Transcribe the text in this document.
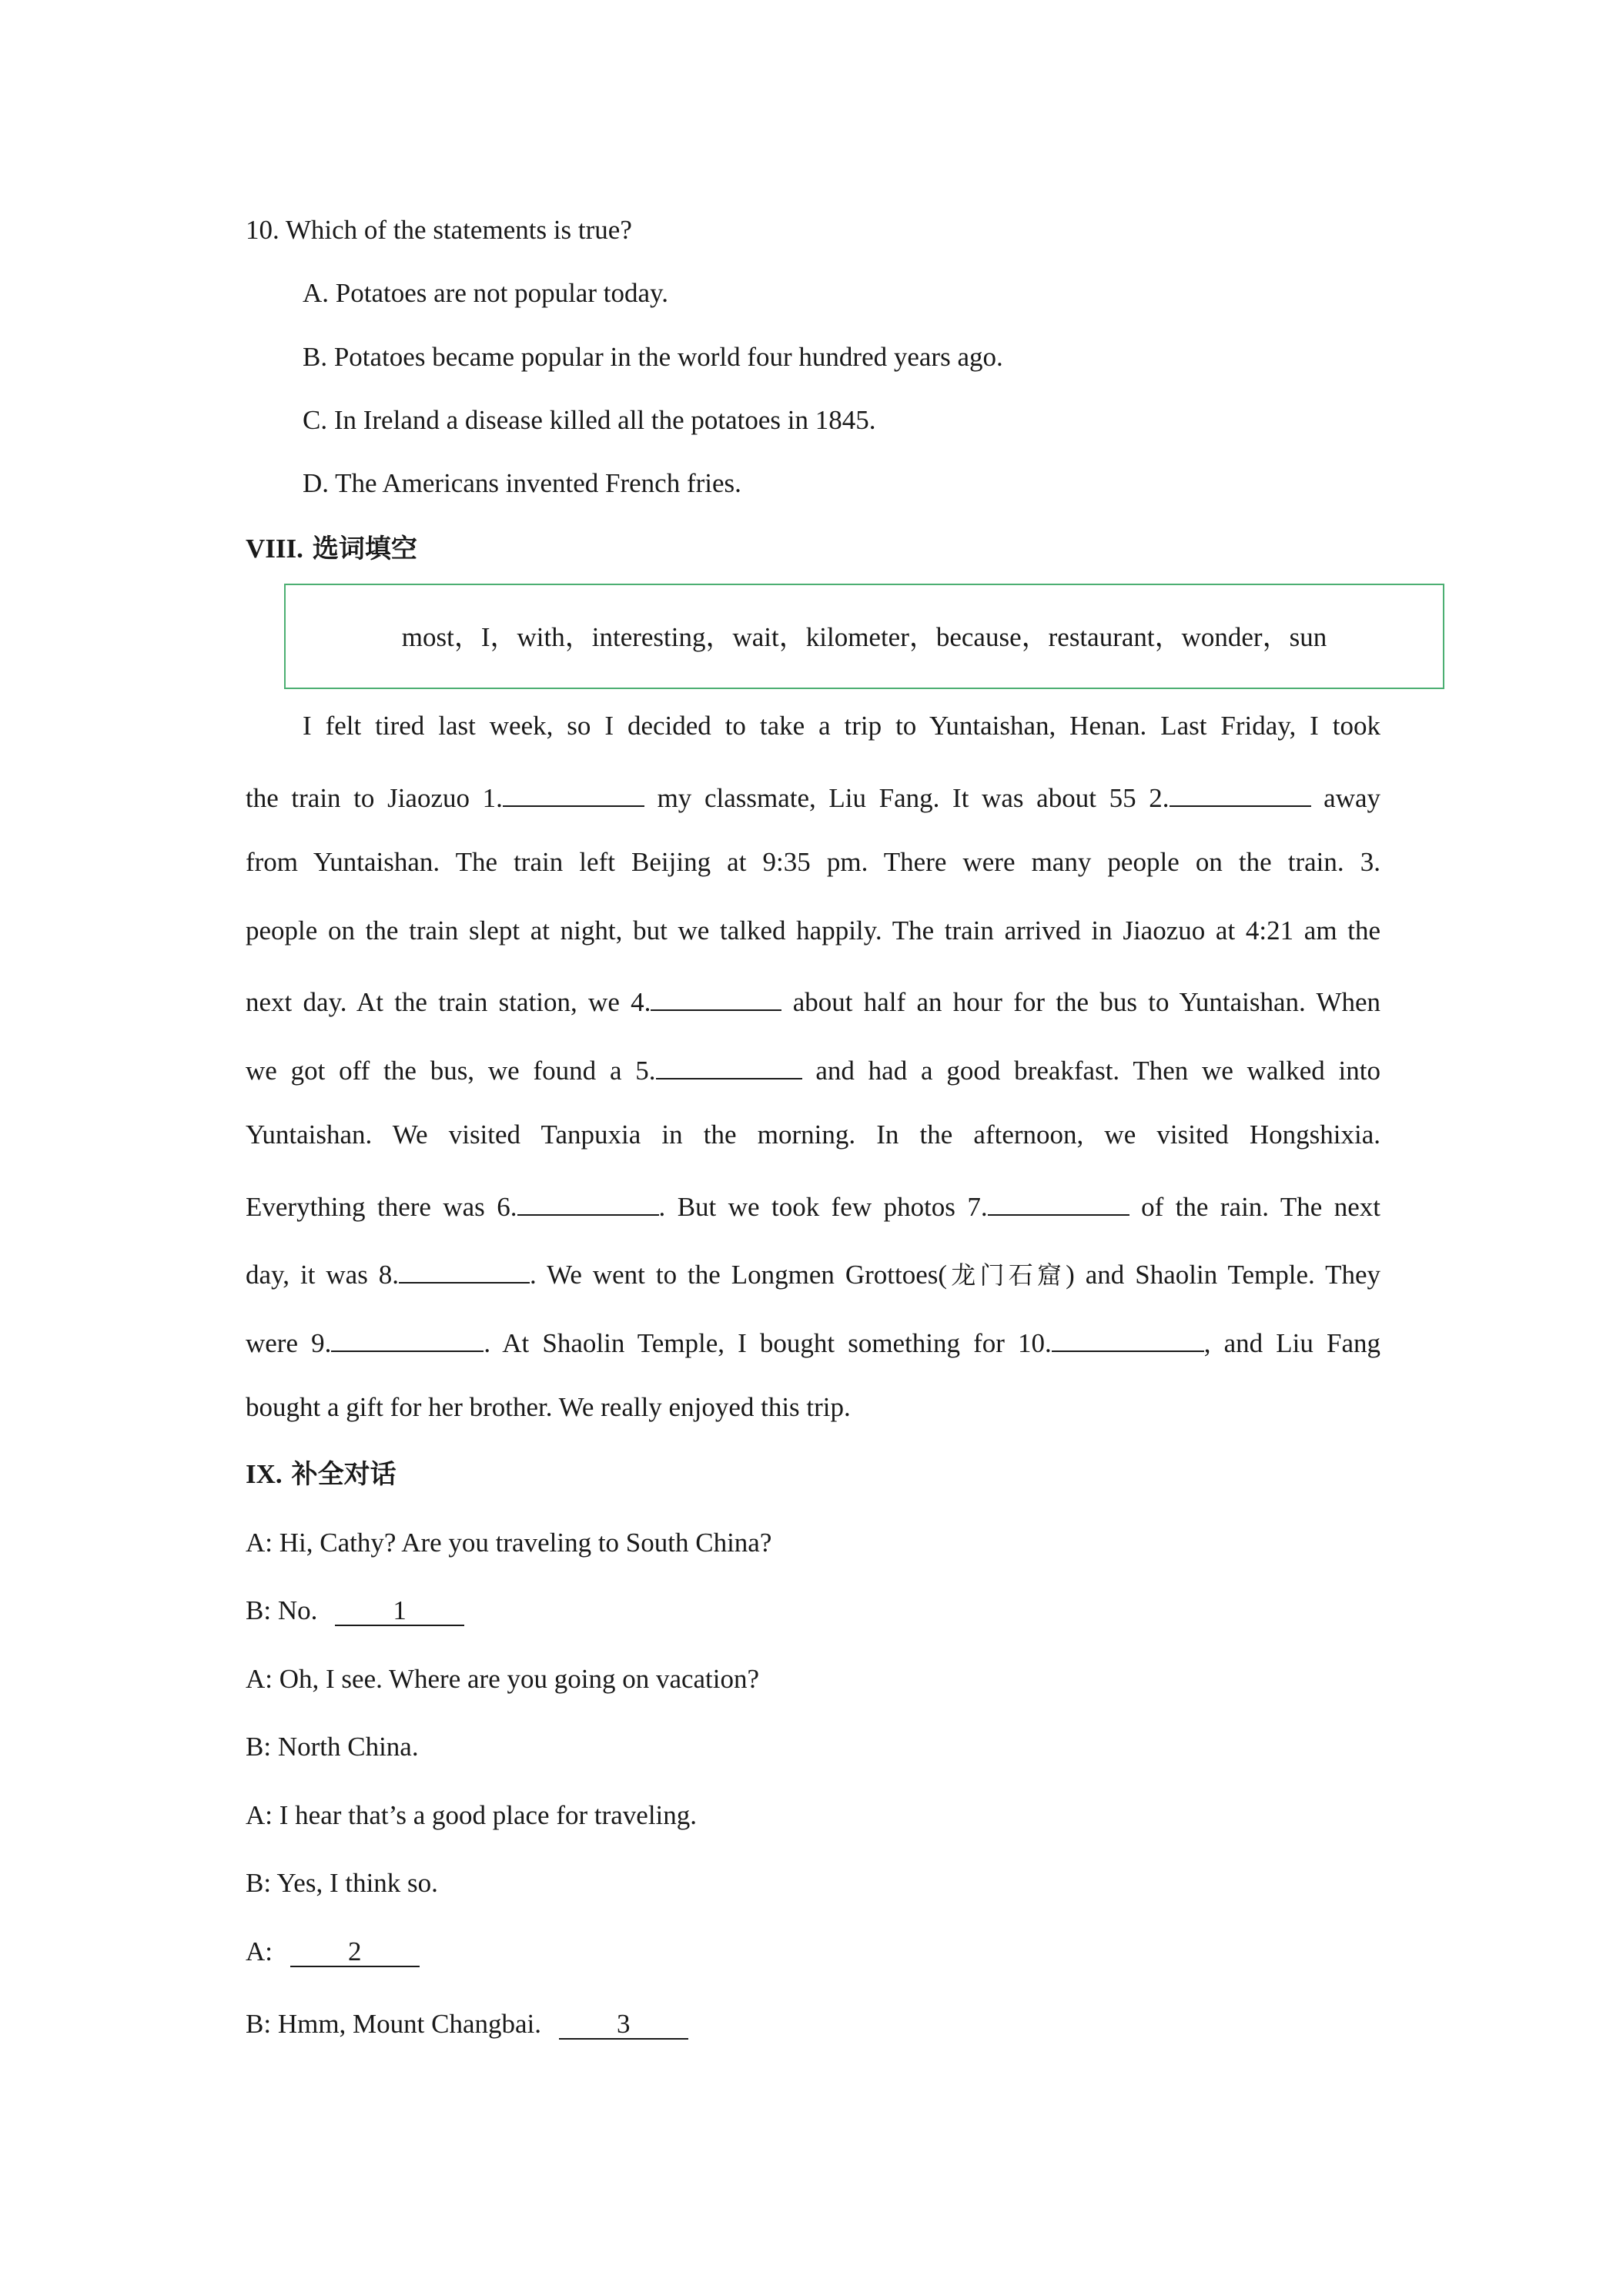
10. Which of the statements is true?
A. Potatoes are not popular today.
B. Potatoes became popular in the world four hundred years ago.
C. In Ireland a disease killed all the potatoes in 1845.
D. The Americans invented French fries.
VIII. 选词填空
most，I，with，interesting，wait，kilometer，because，restaurant，wonder，sun
I felt tired last week, so I decided to take a trip to Yuntaishan, Henan. Last Friday, I took
the train to Jiaozuo 1.	my classmate, Liu Fang. It was about 55 2.	away
from Yuntaishan. The train left Beijing at 9:35 pm. There were many people on the train. 3.
people on the train slept at night, but we talked happily. The train arrived in Jiaozuo at 4:21 am the
next day. At the train station, we 4.	about half an hour for the bus to Yuntaishan. When
we got off the bus, we found a 5.	and had a good breakfast. Then we walked into
Yuntaishan. We visited Tanpuxia in the morning. In the afternoon, we visited Hongshixia.
Everything there was 6.	. But we took few photos 7.	of the rain. The next
day, it was 8.	. We went to the Longmen Grottoes(龙门石窟) and Shaolin Temple. They
were 9.	. At Shaolin Temple, I bought something for 10.	, and Liu Fang
bought a gift for her brother. We really enjoyed this trip.
IX. 补全对话
A: Hi, Cathy? Are you traveling to South China?
B: No.	1
A: Oh, I see. Where are you going on vacation?
B: North China.
A: I hear that’s a good place for traveling.
B: Yes, I think so.
A:	2
B: Hmm, Mount Changbai.	3
